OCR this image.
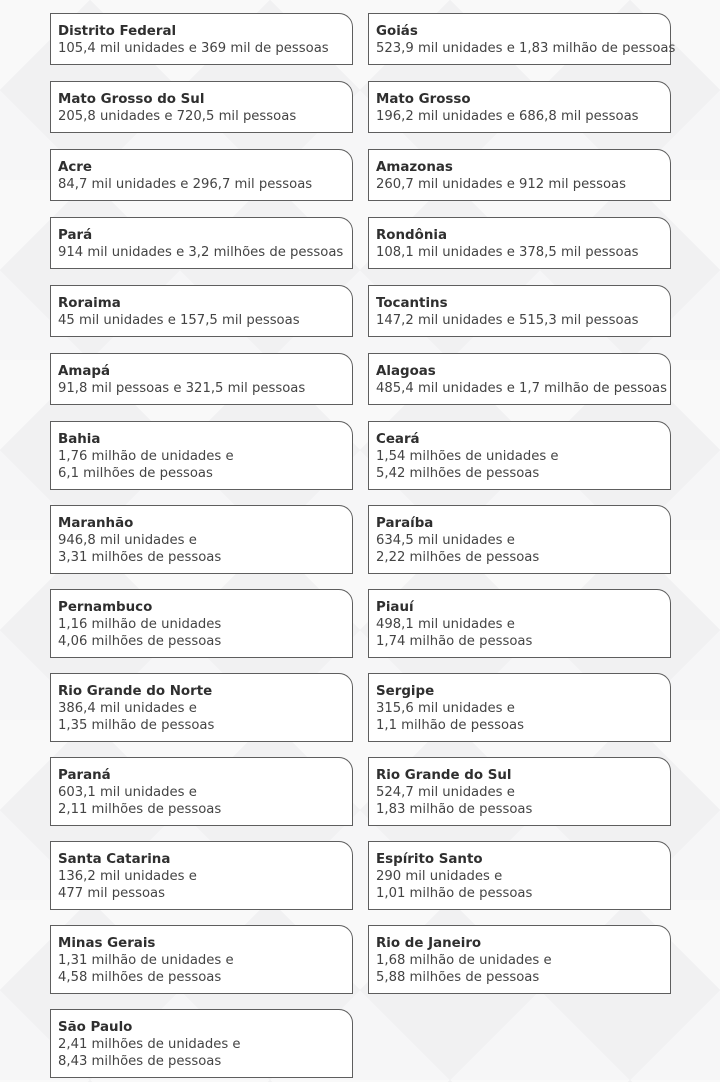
Distrito Federal
105,4 mil unidades e 369 mil de pessoas
Goiás
523,9 mil unidades e 1,83 milhão de pessoas
Mato Grosso do Sul
205,8 unidades e 720,5 mil pessoas
Mato Grosso
196,2 mil unidades e 686,8 mil pessoas
Acre
84,7 mil unidades e 296,7 mil pessoas
Amazonas
260,7 mil unidades e 912 mil pessoas
Pará
914 mil unidades e 3,2 milhões de pessoas
Rondônia
108,1 mil unidades e 378,5 mil pessoas
Roraima
45 mil unidades e 157,5 mil pessoas
Tocantins
147,2 mil unidades e 515,3 mil pessoas
Amapá
91,8 mil pessoas e 321,5 mil pessoas
Alagoas
485,4 mil unidades e 1,7 milhão de pessoas
Bahia
1,76 milhão de unidades e
6,1 milhões de pessoas
Ceará
1,54 milhões de unidades e
5,42 milhões de pessoas
Maranhão
946,8 mil unidades e
3,31 milhões de pessoas
Paraíba
634,5 mil unidades e
2,22 milhões de pessoas
Pernambuco
1,16 milhão de unidades
4,06 milhões de pessoas
Piauí
498,1 mil unidades e
1,74 milhão de pessoas
Rio Grande do Norte
386,4 mil unidades e
1,35 milhão de pessoas
Sergipe
315,6 mil unidades e
1,1 milhão de pessoas
Paraná
603,1 mil unidades e
2,11 milhões de pessoas
Rio Grande do Sul
524,7 mil unidades e
1,83 milhão de pessoas
Santa Catarina
136,2 mil unidades e
477 mil pessoas
Espírito Santo
290 mil unidades e
1,01 milhão de pessoas
Minas Gerais
1,31 milhão de unidades e
4,58 milhões de pessoas
Rio de Janeiro
1,68 milhão de unidades e
5,88 milhões de pessoas
São Paulo
2,41 milhões de unidades e
8,43 milhões de pessoas
